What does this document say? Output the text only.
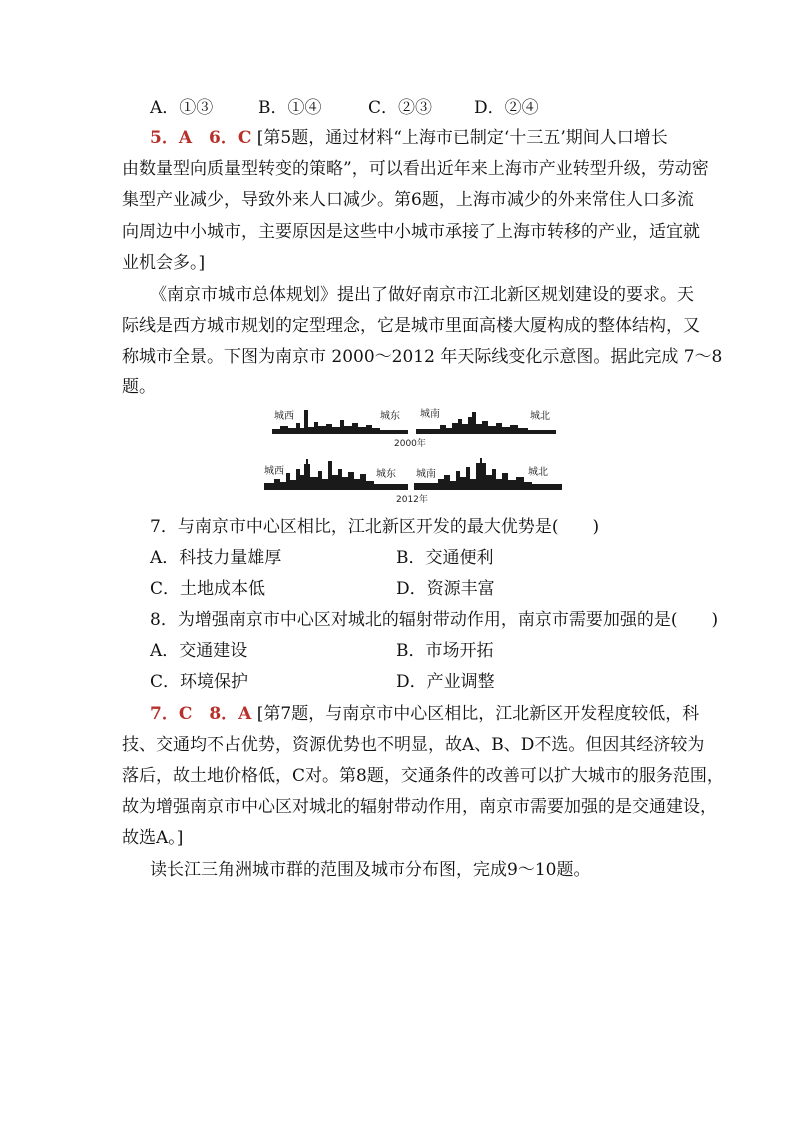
A．①③	B．①④	C．②③ D．②④
5．A　6．C [第5题，通过材料“上海市已制定‘十三五’期间人口增长
由数量型向质量型转变的策略”，可以看出近年来上海市产业转型升级，劳动密
集型产业减少，导致外来人口减少。第6题，上海市减少的外来常住人口多流
向周边中小城市，主要原因是这些中小城市承接了上海市转移的产业，适宜就
业机会多。]
《南京市城市总体规划》提出了做好南京市江北新区规划建设的要求。天
际线是西方城市规划的定型理念，它是城市里面高楼大厦构成的整体结构，又
称城市全景。下图为南京市 2000～2012 年天际线变化示意图。据此完成 7～8
题。
城西	城东 城南	城北
2000年
城西	城东 城南	城北
2012年
7．与南京市中心区相比，江北新区开发的最大优势是(　　)
A．科技力量雄厚	B．交通便利
C．土地成本低	D．资源丰富
8．为增强南京市中心区对城北的辐射带动作用，南京市需要加强的是(　　)
A．交通建设	B．市场开拓
C．环境保护	D．产业调整
7．C　8．A [第7题，与南京市中心区相比，江北新区开发程度较低，科
技、交通均不占优势，资源优势也不明显，故A、B、D不选。但因其经济较为
落后，故土地价格低，C对。第8题，交通条件的改善可以扩大城市的服务范围，
故为增强南京市中心区对城北的辐射带动作用，南京市需要加强的是交通建设，
故选A。]
读长江三角洲城市群的范围及城市分布图，完成9～10题。
